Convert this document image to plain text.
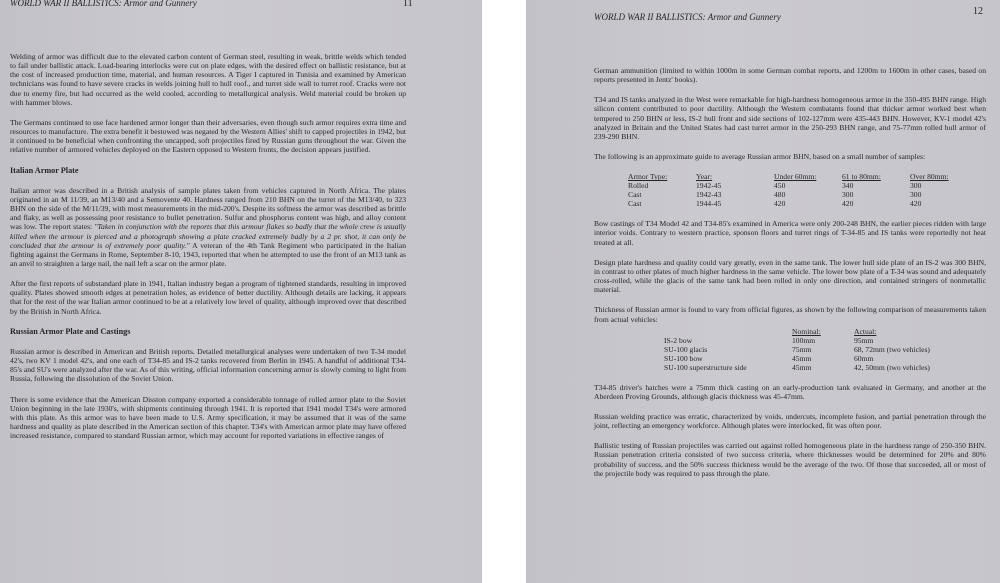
WORLD WAR II BALLISTICS: Armor and Gunnery	11

Welding of armor was difficult due to the elevated carbon content of German steel, resulting in weak, brittle welds which tended to fail under ballistic attack. Load-bearing interlocks were cut on plate edges, with the desired effect on ballistic resistance, but at the cost of increased production time, material, and human resources. A Tiger I captured in Tunisia and examined by American technicians was found to have severe cracks in welds joining hull to hull roof., and turret side wall to turret roof. Cracks were not due to enemy fire, but had occurred as the weld cooled, according to metallurgical analysis. Weld material could be broken up with hammer blows.

The Germans continued to use face hardened armor longer than their adversaries, even though such armor requires extra time and resources to manufacture. The extra benefit it bestowed was negated by the Western Allies' shift to capped projectiles in 1942, but it continued to be beneficial when confronting the uncapped, soft projectiles fired by Russian guns throughout the war. Given the relative number of armored vehicles deployed on the Eastern opposed to Western fronts, the decision appears justified.

Italian Armor Plate

Italian armor was described in a British analysis of sample plates taken from vehicles captured in North Africa. The plates originated in an M 11/39, an M13/40 and a Semovente 40. Hardness ranged from 210 BHN on the turret of the M13/40, to 323 BHN on the side of the M/11/39, with most measurements in the mid-200's. Despite its softness the armor was described as brittle and flaky, as well as possessing poor resistance to bullet penetration. Sulfur and phosphorus content was high, and alloy content was low. The report states: "Taken in conjunction with the reports that this armour flakes so badly that the whole crew is usually killed when the armour is pierced and a photograph showing a plate cracked extremely badly by a 2 pr. shot, it can only be concluded that the armour is of extremely poor quality." A veteran of the 4th Tank Regiment who participated in the Italian fighting against the Germans in Rome, September 8-10, 1943, reported that when he attempted to use the front of an M13 tank as an anvil to straighten a large nail, the nail left a scar on the armor plate.

After the first reports of substandard plate in 1941, Italian industry began a program of tightened standards, resulting in improved quality. Plates showed smooth edges at penetration holes, as evidence of better ductility. Although details are lacking, it appears that for the rest of the war Italian armor continued to be at a relatively low level of quality, although improved over that described by the British in North Africa.

Russian Armor Plate and Castings

Russian armor is described in American and British reports. Detailed metallurgical analyses were undertaken of two T-34 model 42's, two KV 1 model 42's, and one each of T34-85 and IS-2 tanks recovered from Berlin in 1945. A handful of additional T34-85's and SU's were analyzed after the war. As of this writing, official information concerning armor is slowly coming to light from Russia, following the dissolution of the Soviet Union.

There is some evidence that the American Disston company exported a considerable tonnage of rolled armor plate to the Soviet Union beginning in the late 1930's, with shipments continuing through 1941. It is reported that 1941 model T34's were armored with this plate. As this armor was to have been made to U.S. Army specification, it may be assumed that it was of the same hardness and quality as plate described in the American section of this chapter. T34's with American armor plate may have offered increased resistance, compared to standard Russian armor, which may account for reported variations in effective ranges of

WORLD WAR II BALLISTICS: Armor and Gunnery	12

German ammunition (limited to within 1000m in some German combat reports, and 1200m to 1600m in other cases, based on reports presented in Jentz' books).

T34 and IS tanks analyzed in the West were remarkable for high-hardness homogeneous armor in the 350-495 BHN range. High silicon content contributed to poor ductility. Although the Western combatants found that thicker armor worked best when tempered to 250 BHN or less, IS-2 hull front and side sections of 102-127mm were 435-443 BHN. However, KV-1 model 42's analyzed in Britain and the United States had cast turret armor in the 250-293 BHN range, and 75-77mm rolled hull armor of 239-290 BHN.

The following is an approximate guide to average Russian armor BHN, based on a small number of samples:

Armor Type:	Year:	Under 60mm:	61 to 80mm:	Over 80mm:
Rolled	1942-45	450	340	300
Cast	1942-43	480	300	300
Cast	1944-45	420	420	420

Bow castings of T34 Model 42 and T34-85's examined in America were only 200-248 BHN, the earlier pieces ridden with large interior voids. Contrary to western practice, sponson floors and turret rings of T-34-85 and IS tanks were reportedly not heat treated at all.

Design plate hardness and quality could vary greatly, even in the same tank. The lower hull side plate of an IS-2 was 300 BHN, in contrast to other plates of much higher hardness in the same vehicle. The lower bow plate of a T-34 was sound and adequately cross-rolled, while the glacis of the same tank had been rolled in only one direction, and contained stringers of nonmetallic material.

Thickness of Russian armor is found to vary from official figures, as shown by the following comparison of measurements taken from actual vehicles:

	Nominal:	Actual:
IS-2 bow	100mm	95mm
SU-100 glacis	75mm	68, 72mm (two vehicles)
SU-100 bow	45mm	60mm
SU-100 superstructure side	45mm	42, 50mm (two vehicles)

T34-85 driver's hatches were a 75mm thick casting on an early-production tank evaluated in Germany, and another at the Aberdeen Proving Grounds, although glacis thickness was 45-47mm.

Russian welding practice was erratic, characterized by voids, undercuts, incomplete fusion, and partial penetration through the joint, reflecting an emergency workforce. Although plates were interlocked, fit was often poor.

Ballistic testing of Russian projectiles was carried out against rolled homogeneous plate in the hardness range of 250-350 BHN. Russian penetration criteria consisted of two success criteria, where thicknesses would be determined for 20% and 80% probability of success, and the 50% success thickness would be the average of the two. Of those that succeeded, all or most of the projectile body was required to pass through the plate.
